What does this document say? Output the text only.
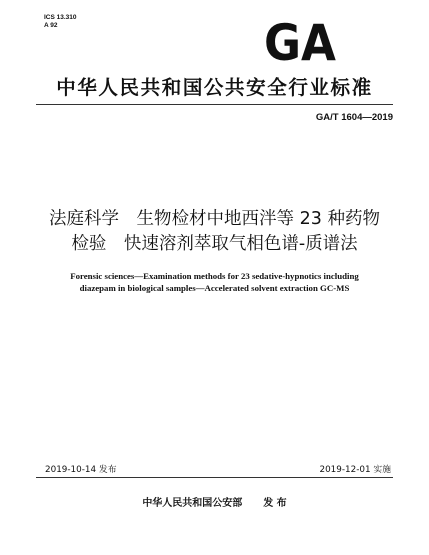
ICS 13.310
A 92	GA
中华人民共和国公共安全行业标准
GA/T 1604—2019
法庭科学　生物检材中地西泮等 23 种药物
检验　快速溶剂萃取气相色谱-质谱法
Forensic sciences—Examination methods for 23 sedative-hypnotics including
diazepam in biological samples—Accelerated solvent extraction GC-MS
2019-10-14 发布	2019-12-01 实施
中华人民共和国公安部      发 布
